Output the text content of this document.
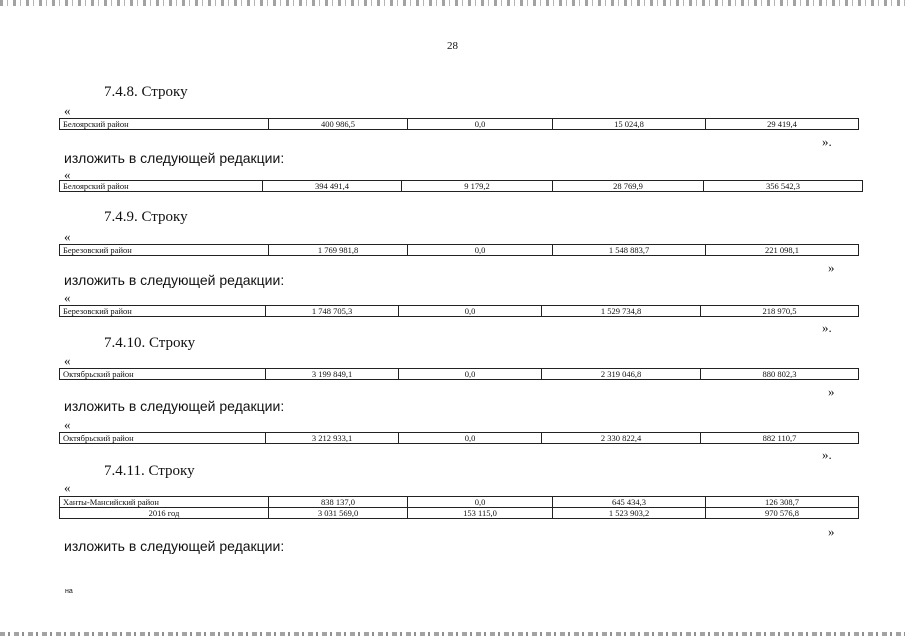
28
7.4.8. Строку
«
Белоярский район	400 986,5	0,0	15 024,8	29 419,4
».
изложить в следующей редакции:
«
Белоярский район	394 491,4	9 179,2	28 769,9	356 542,3
7.4.9. Строку
«
Березовский район	1 769 981,8	0,0	1 548 883,7	221 098,1
»
изложить в следующей редакции:
«
Березовский район	1 748 705,3	0,0	1 529 734,8	218 970,5
».
7.4.10. Строку
«
Октябрьский район	3 199 849,1	0,0	2 319 046,8	880 802,3
»
изложить в следующей редакции:
«
Октябрьский район	3 212 933,1	0,0	2 330 822,4	882 110,7
».
7.4.11. Строку
«
Ханты-Мансийский район	838 137,0	0,0	645 434,3	126 308,7
2016 год	3 031 569,0	153 115,0	1 523 903,2	970 576,8
»
изложить в следующей редакции:
на
